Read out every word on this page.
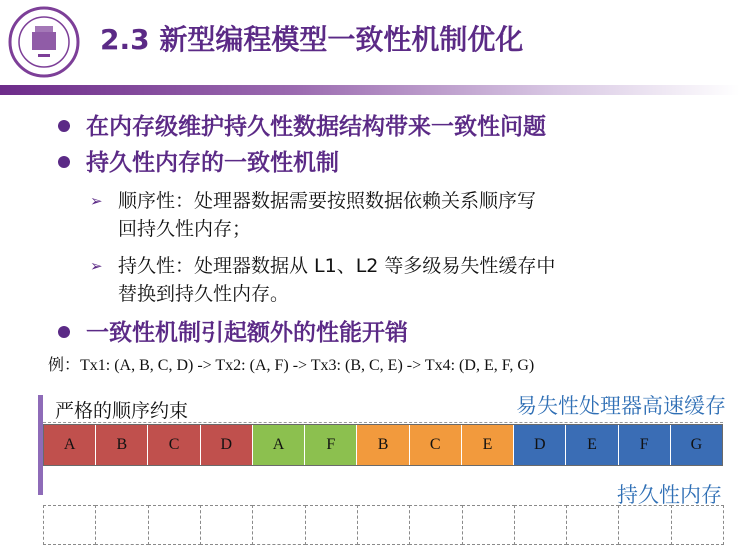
2.3 新型编程模型一致性机制优化
在内存级维护持久性数据结构带来一致性问题
持久性内存的一致性机制
➢ 顺序性：处理器数据需要按照数据依赖关系顺序写
回持久性内存；
➢ 持久性：处理器数据从 L1、L2 等多级易失性缓存中
替换到持久性内存。
一致性机制引起额外的性能开销
例：Tx1: (A, B, C, D) -> Tx2: (A, F) -> Tx3: (B, C, E) -> Tx4: (D, E, F, G)
严格的顺序约束	易失性处理器高速缓存
A	B	C	D	A	F	B	C	E	D	E	F	G
持久性内存
